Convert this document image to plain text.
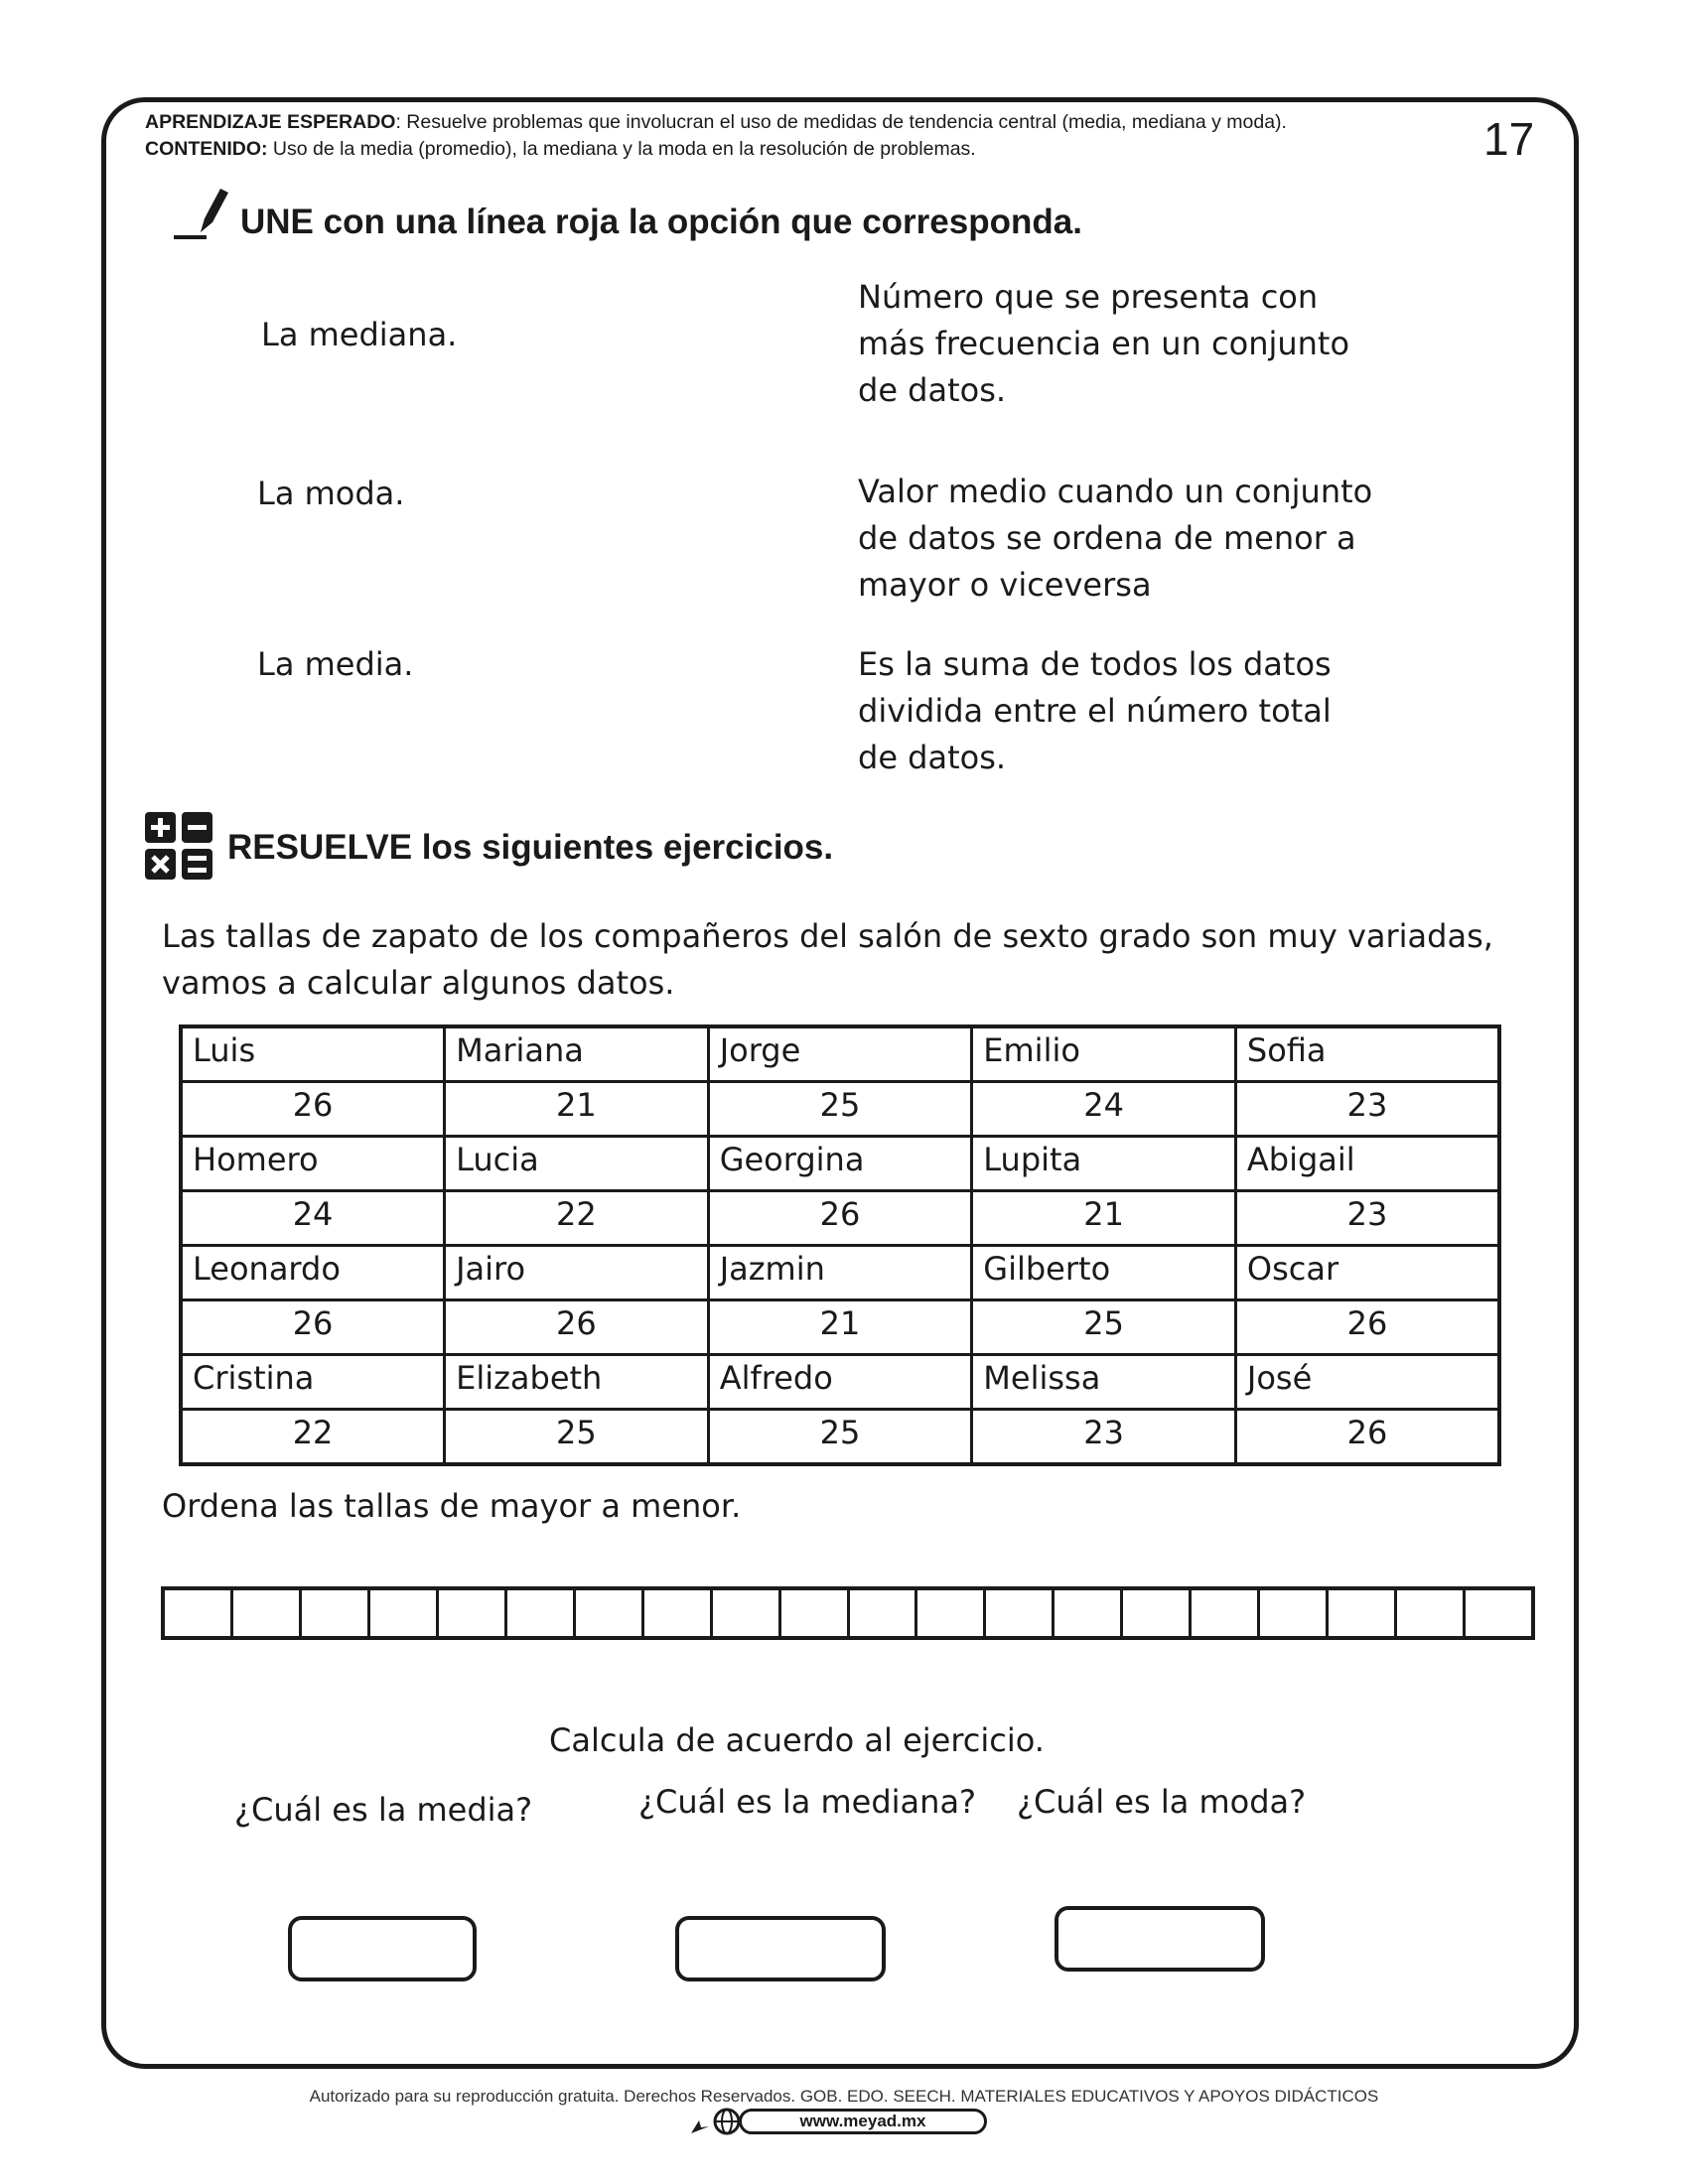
APRENDIZAJE ESPERADO: Resuelve problemas que involucran el uso de medidas de tendencia central (media, mediana y moda).
CONTENIDO: Uso de la media (promedio), la mediana y la moda en la resolución de problemas.	17
UNE con una línea roja la opción que corresponda.
La mediana.
La moda.
La media.
Número que se presenta con
más frecuencia en un conjunto
de datos.
Valor medio cuando un conjunto
de datos se ordena de menor a
mayor o viceversa
Es la suma de todos los datos
dividida entre el número total
de datos.
RESUELVE los siguientes ejercicios.
Las tallas de zapato de los compañeros del salón de sexto grado son muy variadas,
vamos a calcular algunos datos.
Luis	Mariana	Jorge	Emilio	Sofia
26	21	25	24	23
Homero	Lucia	Georgina	Lupita	Abigail
24	22	26	21	23
Leonardo	Jairo	Jazmin	Gilberto	Oscar
26	26	21	25	26
Cristina	Elizabeth	Alfredo	Melissa	José
22	25	25	23	26
Ordena las tallas de mayor a menor.
Calcula de acuerdo al ejercicio.
¿Cuál es la media?	¿Cuál es la mediana? ¿Cuál es la moda?
Autorizado para su reproducción gratuita. Derechos Reservados. GOB. EDO. SEECH. MATERIALES EDUCATIVOS Y APOYOS DIDÁCTICOS
www.meyad.mx
